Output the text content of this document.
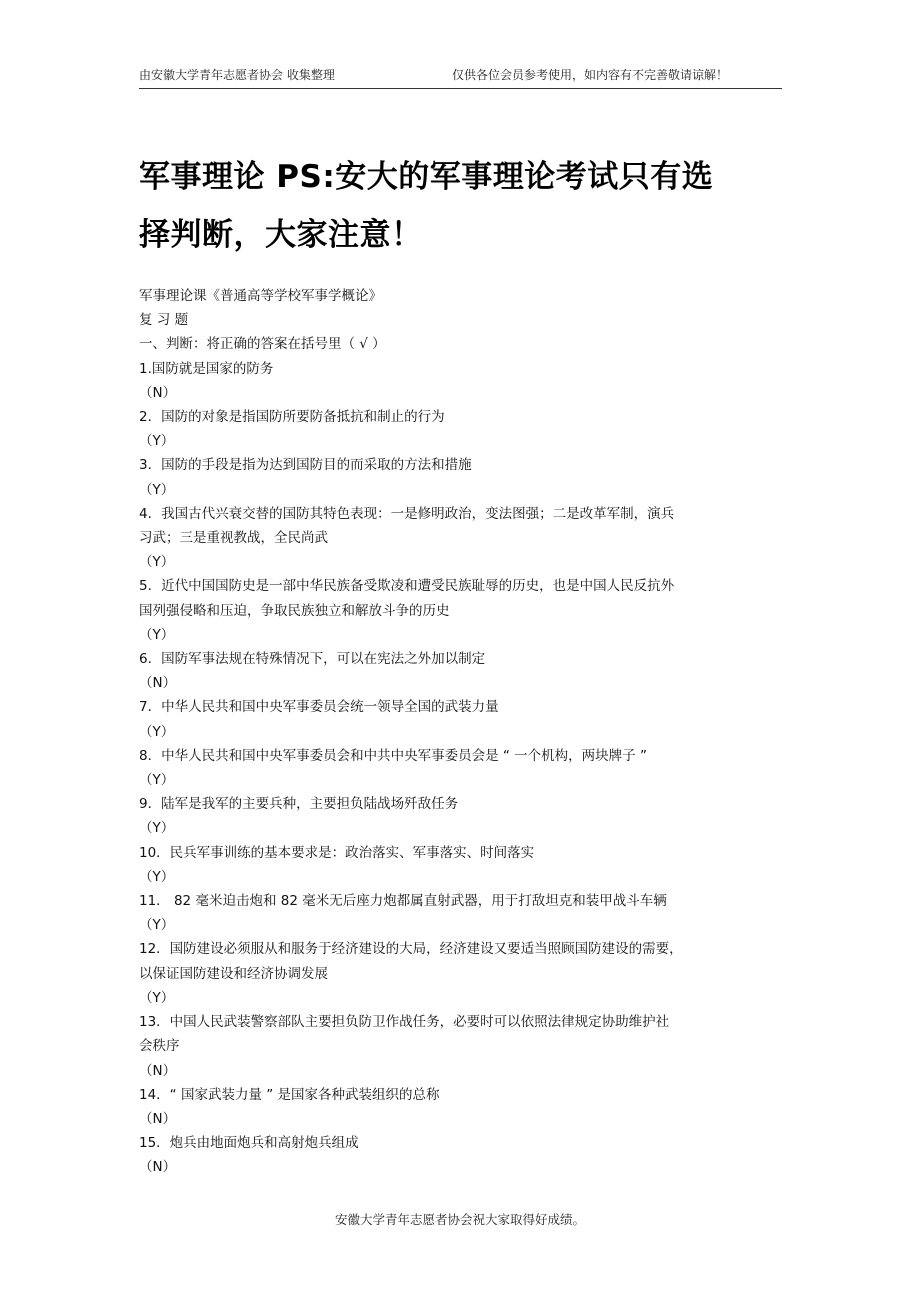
由安徽大学青年志愿者协会 收集整理	仅供各位会员参考使用，如内容有不完善敬请谅解！
军事理论 PS:安大的军事理论考试只有选
择判断，大家注意！
军事理论课《普通高等学校军事学概论》
复 习 题
一、判断：将正确的答案在括号里（ √ ）
1.国防就是国家的防务
（N）
2．国防的对象是指国防所要防备抵抗和制止的行为
（Y）
3．国防的手段是指为达到国防目的而采取的方法和措施
（Y）
4．我国古代兴衰交替的国防其特色表现：一是修明政治，变法图强；二是改革军制，演兵
习武；三是重视教战，全民尚武
（Y）
5．近代中国国防史是一部中华民族备受欺凌和遭受民族耻辱的历史，也是中国人民反抗外
国列强侵略和压迫，争取民族独立和解放斗争的历史
（Y）
6．国防军事法规在特殊情况下，可以在宪法之外加以制定
（N）
7．中华人民共和国中央军事委员会统一领导全国的武装力量
（Y）
8．中华人民共和国中央军事委员会和中共中央军事委员会是 “ 一个机构，两块牌子 ”
（Y）
9．陆军是我军的主要兵种，主要担负陆战场歼敌任务
（Y）
10．民兵军事训练的基本要求是：政治落实、军事落实、时间落实
（Y）
11． 82 毫米迫击炮和 82 毫米无后座力炮都属直射武器，用于打敌坦克和装甲战斗车辆
（Y）
12．国防建设必须服从和服务于经济建设的大局，经济建设又要适当照顾国防建设的需要，
以保证国防建设和经济协调发展
（Y）
13．中国人民武装警察部队主要担负防卫作战任务，必要时可以依照法律规定协助维护社
会秩序
（N）
14．“ 国家武装力量 ” 是国家各种武装组织的总称
（N）
15．炮兵由地面炮兵和高射炮兵组成
（N）
安徽大学青年志愿者协会祝大家取得好成绩。
